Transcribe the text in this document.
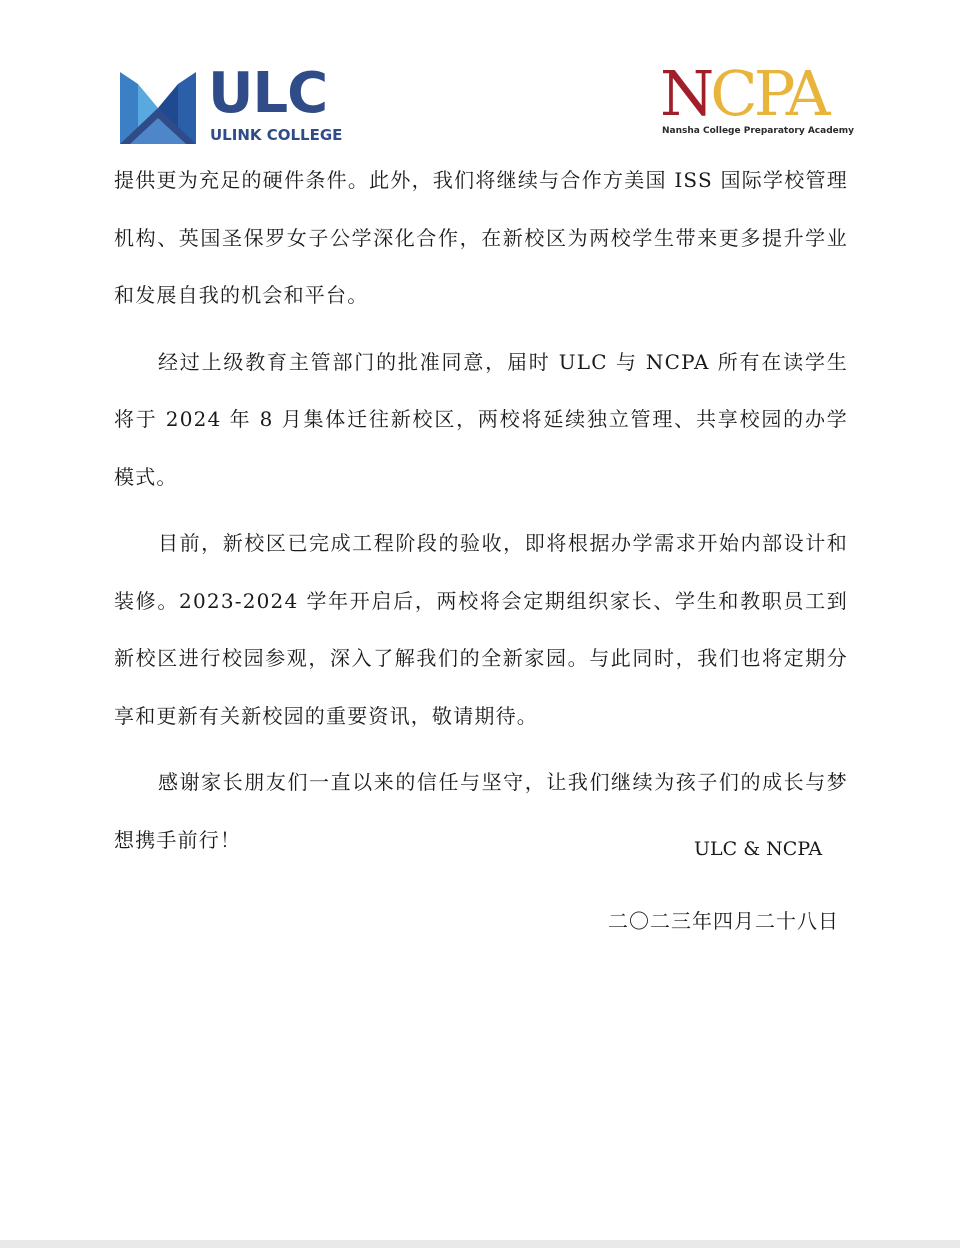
ULC
ULINK COLLEGE
NCPA
Nansha College Preparatory Academy

提供更为充足的硬件条件。此外，我们将继续与合作方美国 ISS 国际学校管理机构、英国圣保罗女子公学深化合作，在新校区为两校学生带来更多提升学业和发展自我的机会和平台。

经过上级教育主管部门的批准同意，届时 ULC 与 NCPA 所有在读学生将于 2024 年 8 月集体迁往新校区，两校将延续独立管理、共享校园的办学模式。

目前，新校区已完成工程阶段的验收，即将根据办学需求开始内部设计和装修。2023-2024 学年开启后，两校将会定期组织家长、学生和教职员工到新校区进行校园参观，深入了解我们的全新家园。与此同时，我们也将定期分享和更新有关新校园的重要资讯，敬请期待。

感谢家长朋友们一直以来的信任与坚守，让我们继续为孩子们的成长与梦想携手前行！	ULC & NCPA
二〇二三年四月二十八日
